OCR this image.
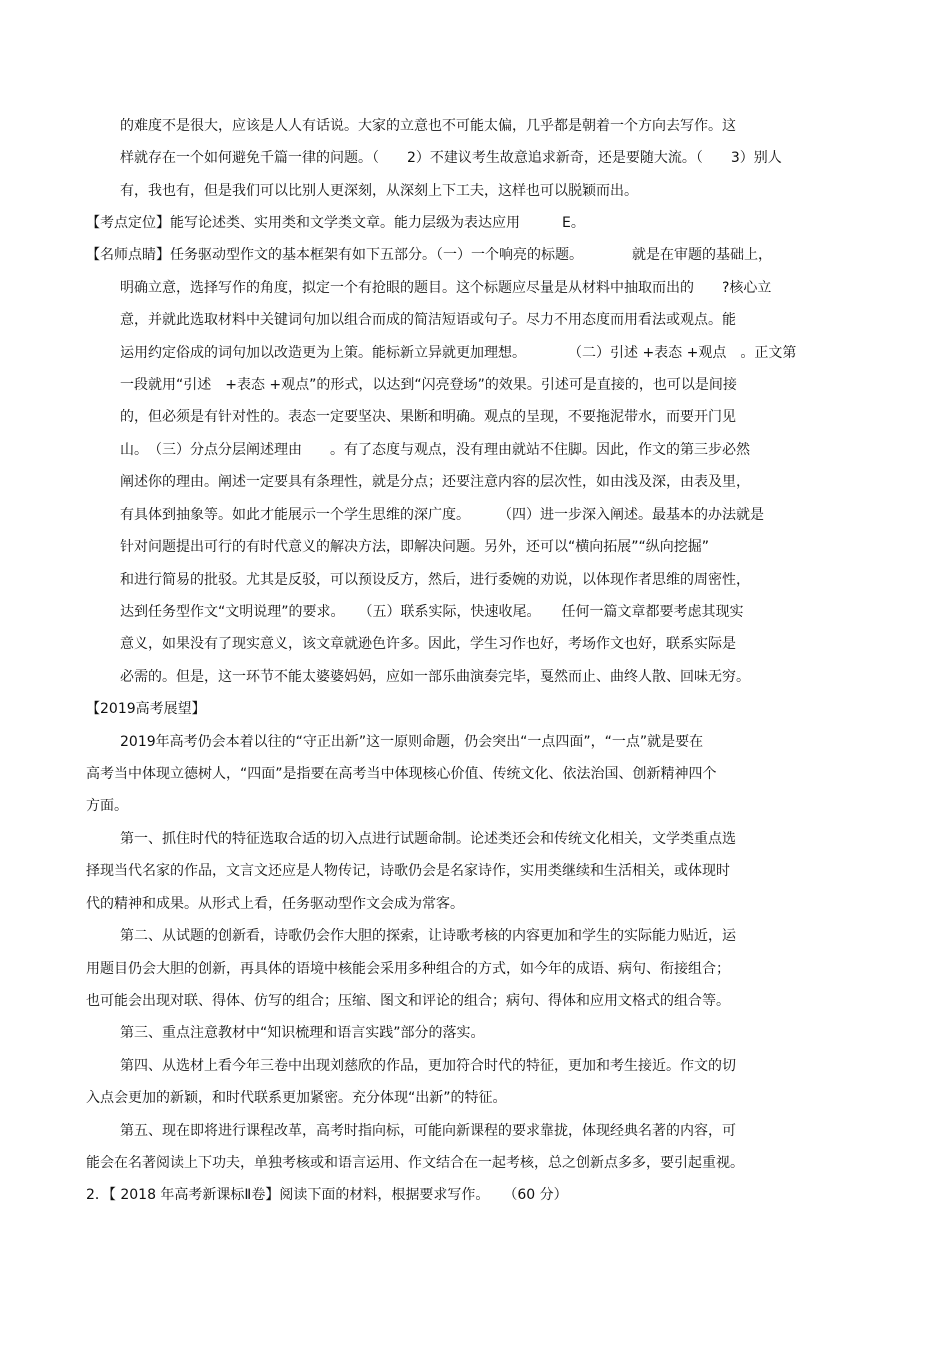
的难度不是很大，应该是人人有话说。大家的立意也不可能太偏，几乎都是朝着一个方向去写作。这
样就存在一个如何避免千篇一律的问题。（　　2）不建议考生故意追求新奇，还是要随大流。（　　3）别人
有，我也有，但是我们可以比别人更深刻，从深刻上下工夫，这样也可以脱颖而出。
【考点定位】能写论述类、实用类和文学类文章。能力层级为表达应用　　　E。
【名师点睛】任务驱动型作文的基本框架有如下五部分。（一）一个响亮的标题。　　　　就是在审题的基础上，
明确立意，选择写作的角度，拟定一个有抢眼的题目。这个标题应尽量是从材料中抽取而出的　　?核心立
意，并就此选取材料中关键词句加以组合而成的简洁短语或句子。尽力不用态度而用看法或观点。能
运用约定俗成的词句加以改造更为上策。能标新立异就更加理想。　　　　（二）引述 +表态 +观点　。正文第
一段就用“引述　+表态 +观点”的形式，以达到“闪亮登场”的效果。引述可是直接的，也可以是间接
的，但必须是有针对性的。表态一定要坚决、果断和明确。观点的呈现，不要拖泥带水，而要开门见
山。　（三）分点分层阐述理由　　。有了态度与观点，没有理由就站不住脚。因此，作文的第三步必然
阐述你的理由。阐述一定要具有条理性，就是分点；还要注意内容的层次性，如由浅及深，由表及里，
有具体到抽象等。如此才能展示一个学生思维的深广度。　　　（四）进一步深入阐述。最基本的办法就是
针对问题提出可行的有时代意义的解决方法，即解决问题。另外，还可以“横向拓展”“纵向挖掘”
和进行简易的批驳。尤其是反驳，可以预设反方，然后，进行委婉的劝说，以体现作者思维的周密性，
达到任务型作文“文明说理”的要求。　　（五）联系实际，快速收尾。　　任何一篇文章都要考虑其现实
意义，如果没有了现实意义，该文章就逊色许多。因此，学生习作也好，考场作文也好，联系实际是
必需的。但是，这一环节不能太婆婆妈妈，应如一部乐曲演奏完毕，戛然而止、曲终人散、回味无穷。
【2019高考展望】
2019年高考仍会本着以往的“守正出新”这一原则命题，仍会突出“一点四面”，“一点”就是要在
高考当中体现立德树人，“四面”是指要在高考当中体现核心价值、传统文化、依法治国、创新精神四个
方面。
第一、抓住时代的特征选取合适的切入点进行试题命制。论述类还会和传统文化相关，文学类重点选
择现当代名家的作品，文言文还应是人物传记，诗歌仍会是名家诗作，实用类继续和生活相关，或体现时
代的精神和成果。从形式上看，任务驱动型作文会成为常客。
第二、从试题的创新看，诗歌仍会作大胆的探索，让诗歌考核的内容更加和学生的实际能力贴近，运
用题目仍会大胆的创新，再具体的语境中核能会采用多种组合的方式，如今年的成语、病句、衔接组合；
也可能会出现对联、得体、仿写的组合；压缩、图文和评论的组合；病句、得体和应用文格式的组合等。
第三、重点注意教材中“知识梳理和语言实践”部分的落实。
第四、从选材上看今年三卷中出现刘慈欣的作品，更加符合时代的特征，更加和考生接近。作文的切
入点会更加的新颖，和时代联系更加紧密。充分体现“出新”的特征。
第五、现在即将进行课程改革，高考时指向标，可能向新课程的要求靠拢，体现经典名著的内容，可
能会在名著阅读上下功夫，单独考核或和语言运用、作文结合在一起考核，总之创新点多多，要引起重视。
2．【 2018 年高考新课标Ⅱ卷】阅读下面的材料，根据要求写作。　　（60 分）
